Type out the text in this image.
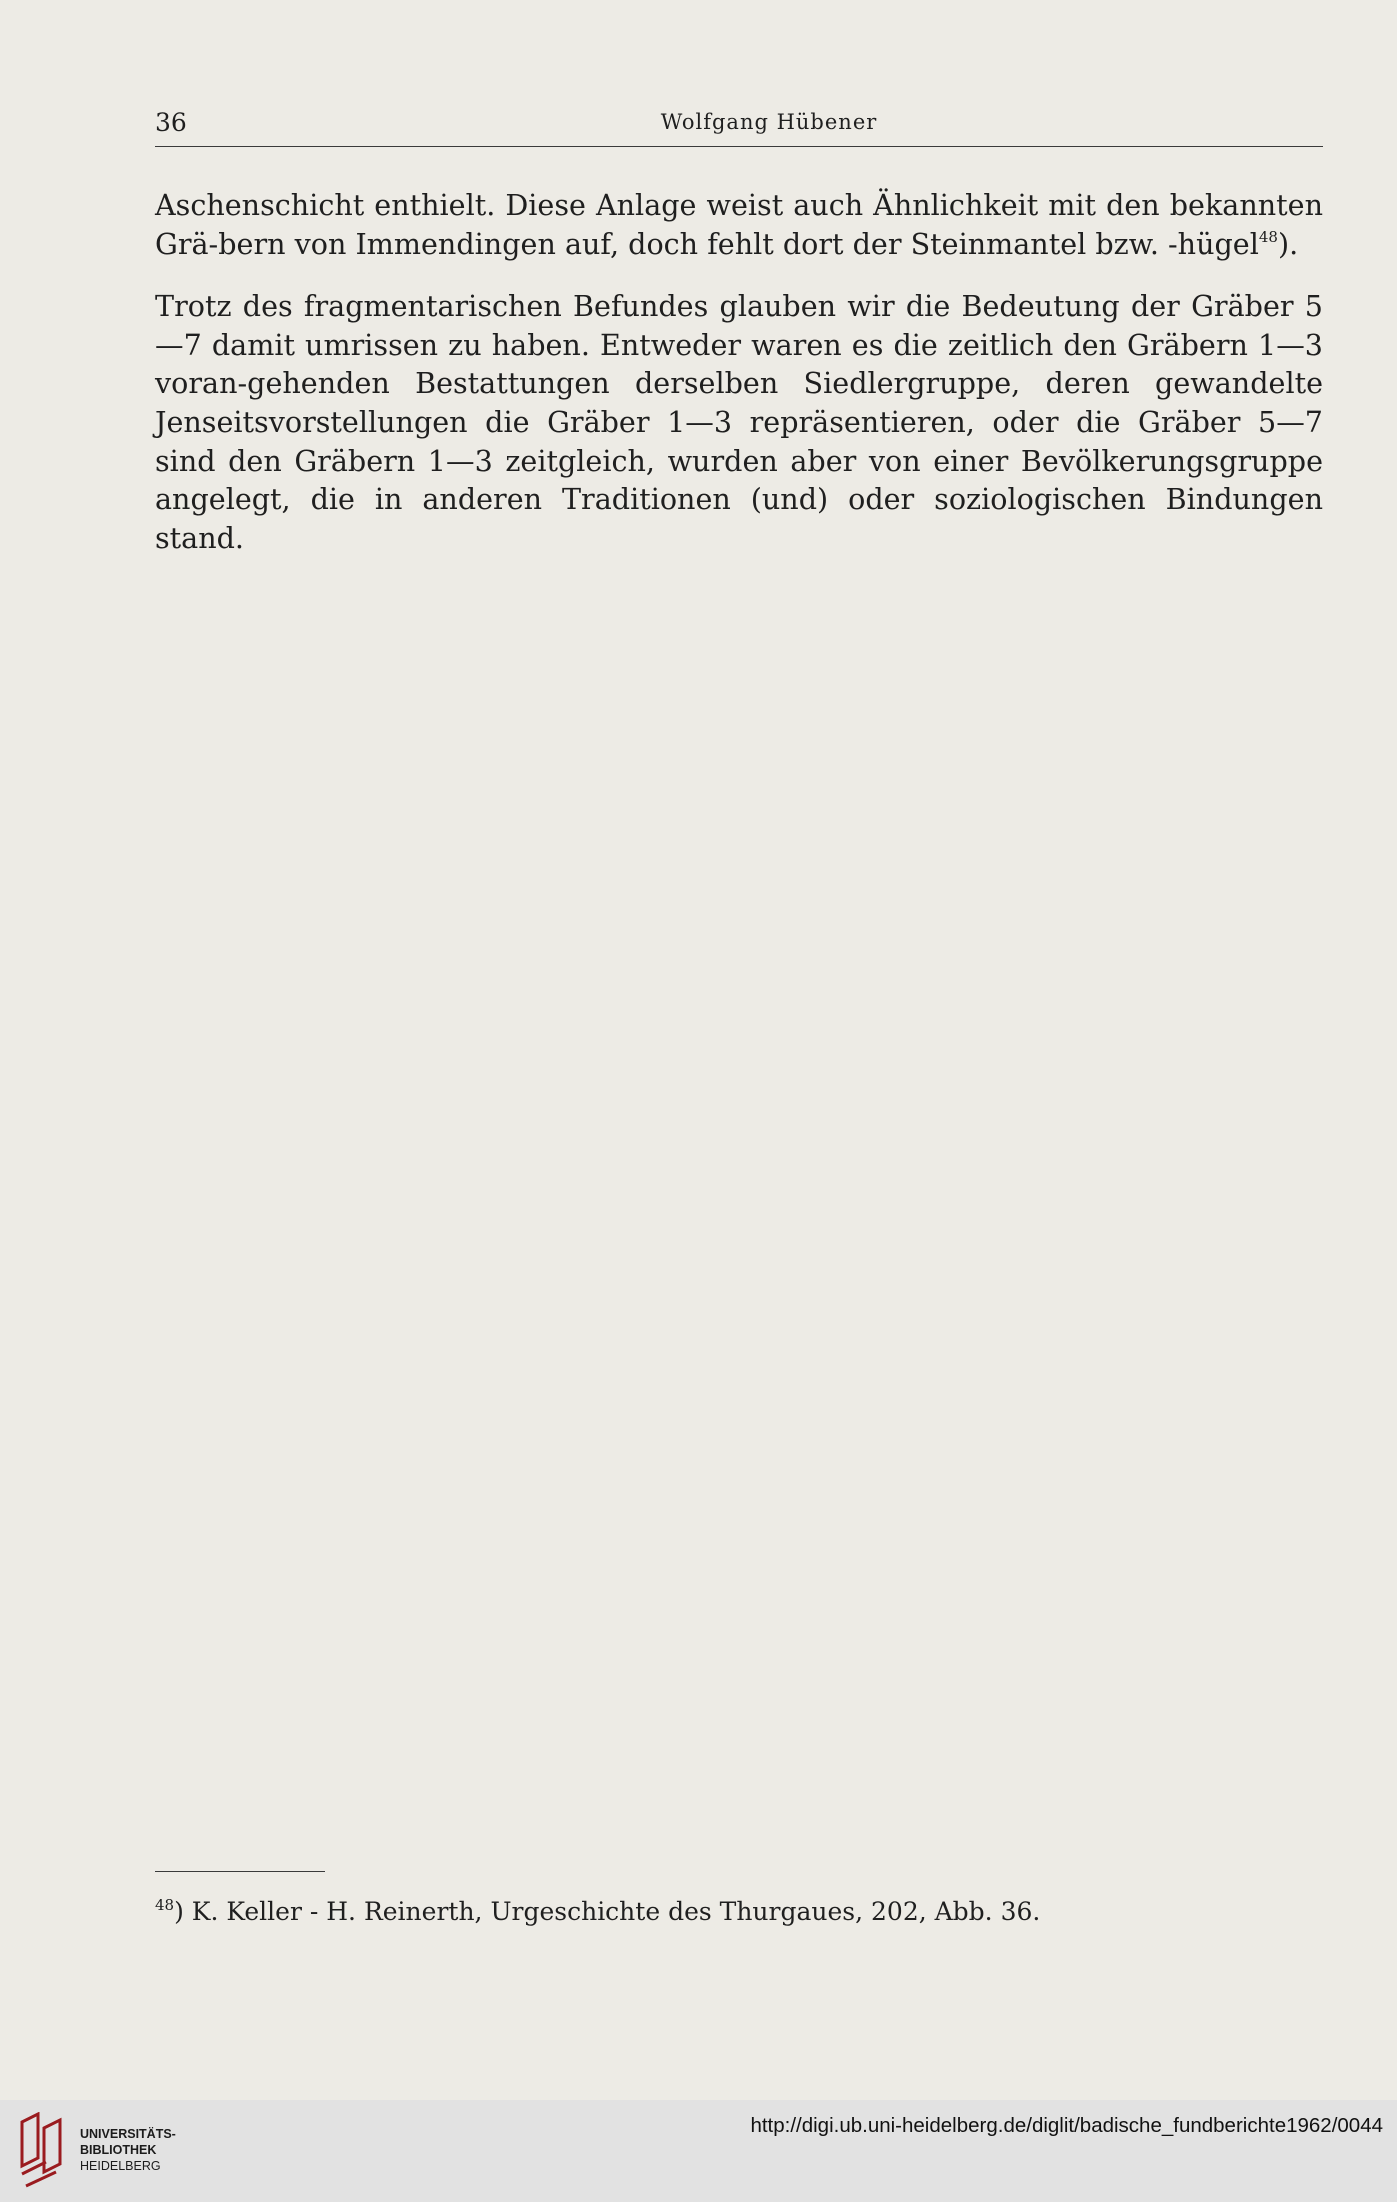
36	Wolfgang Hübener

Aschenschicht enthielt. Diese Anlage weist auch Ähnlichkeit mit den bekannten Grä-bern von Immendingen auf, doch fehlt dort der Steinmantel bzw. -hügel$^{48}$).

Trotz des fragmentarischen Befundes glauben wir die Bedeutung der Gräber 5—7 damit umrissen zu haben. Entweder waren es die zeitlich den Gräbern 1—3 voran-gehenden Bestattungen derselben Siedlergruppe, deren gewandelte Jenseitsvorstellungen die Gräber 1—3 repräsentieren, oder die Gräber 5—7 sind den Gräbern 1—3 zeitgleich, wurden aber von einer Bevölkerungsgruppe angelegt, die in anderen Traditionen (und) oder soziologischen Bindungen stand.

$^{48}$) K. Keller - H. Reinerth, Urgeschichte des Thurgaues, 202, Abb. 36.
UNIVERSITÄTS-
BIBLIOTHEK
HEIDELBERG
http://digi.ub.uni-heidelberg.de/diglit/badische_fundberichte1962/0044
